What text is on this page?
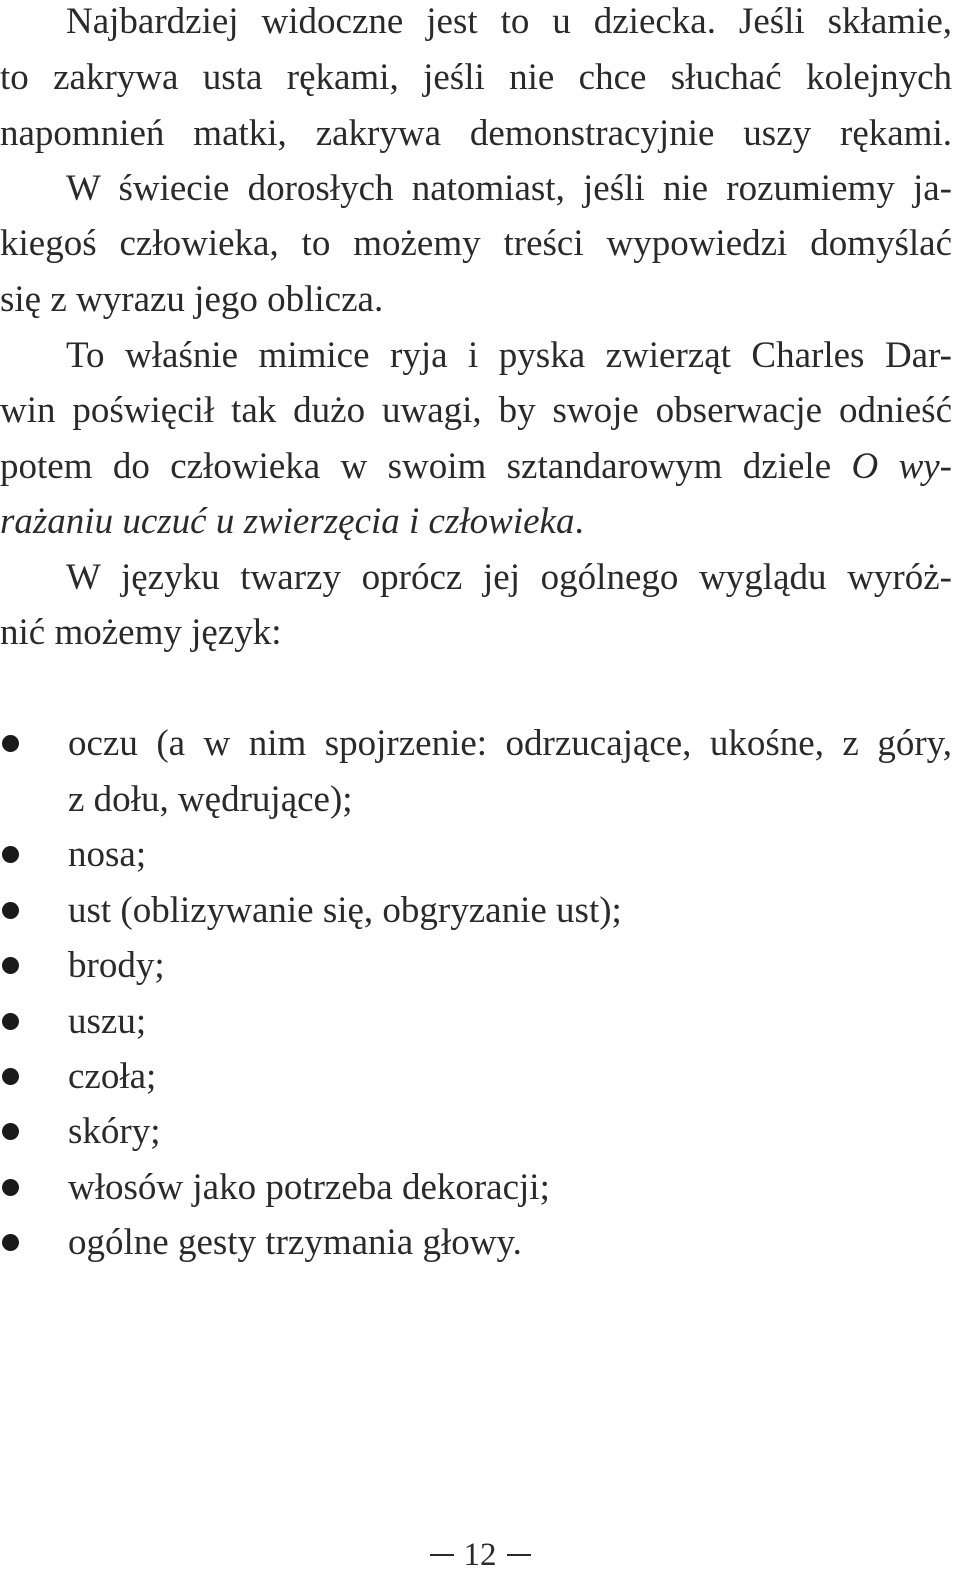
Najbardziej widoczne jest to u dziecka. Jeśli skłamie,

to zakrywa usta rękami, jeśli nie chce słuchać kolejnych

napomnień matki, zakrywa demonstracyjnie uszy rękami.

W świecie dorosłych natomiast, jeśli nie rozumiemy ja-

kiegoś człowieka, to możemy treści wypowiedzi domyślać

się z wyrazu jego oblicza.

To właśnie mimice ryja i pyska zwierząt Charles Dar-

win poświęcił tak dużo uwagi, by swoje obserwacje odnieść

potem do człowieka w swoim sztandarowym dziele O wy-

rażaniu uczuć u zwierzęcia i człowieka.

W języku twarzy oprócz jej ogólnego wyglądu wyróż-

nić możemy język:

oczu (a w nim spojrzenie: odrzucające, ukośne, z góry,
z dołu, wędrujące);
nosa;
ust (oblizywanie się, obgryzanie ust);
brody;
uszu;
czoła;
skóry;
włosów jako potrzeba dekoracji;
ogólne gesty trzymania głowy.
12
